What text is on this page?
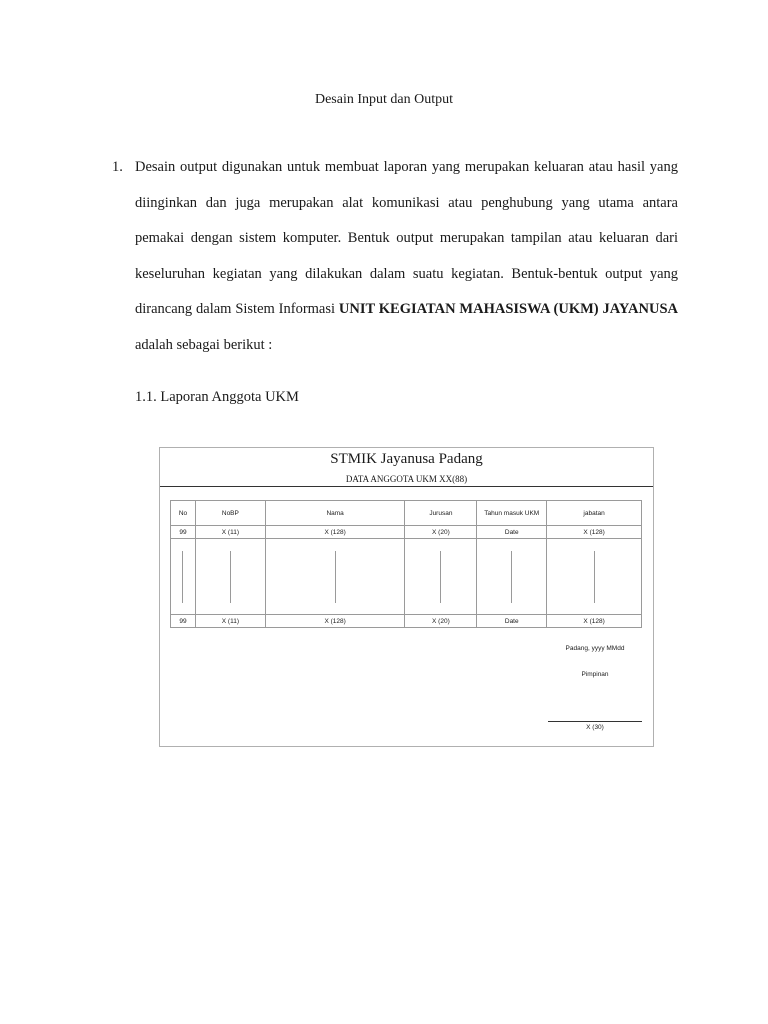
Desain Input dan Output
1. Desain output digunakan untuk membuat laporan yang merupakan keluaran atau hasil yang diinginkan dan juga merupakan alat komunikasi atau penghubung yang utama antara pemakai dengan sistem komputer. Bentuk output merupakan tampilan atau keluaran dari keseluruhan kegiatan yang dilakukan dalam suatu kegiatan. Bentuk-bentuk output yang dirancang dalam Sistem Informasi UNIT KEGIATAN MAHASISWA (UKM) JAYANUSA adalah sebagai berikut :
1.1. Laporan Anggota UKM
STMIK Jayanusa Padang
DATA ANGGOTA UKM XX(88)
No	NoBP	Nama	Jurusan	Tahun masuk UKM	jabatan
99	X (11)	X (128)	X (20)	Date	X (128)

99	X (11)	X (128)	X (20)	Date	X (128)
Padang, yyyy MMdd
Pimpinan
X (30)
